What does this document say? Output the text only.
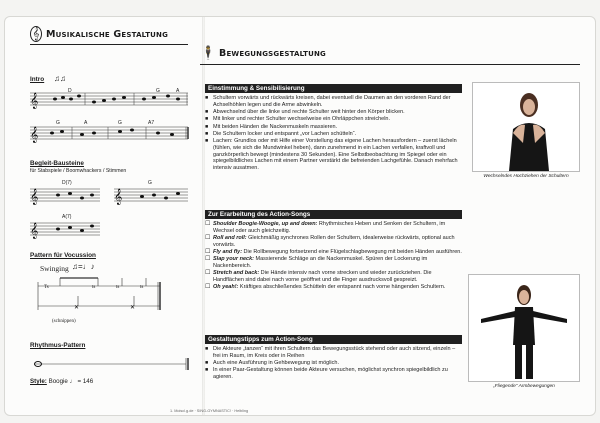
𝄞 Musikalische Gestaltung
Intro ♫♫
𝄞
D	G	A
𝄞
G	A	G	A7
Begleit-Bausteine
für Stabspiele / Boomwhackers / Stimmen
𝄞	𝄞
D(7)	G
𝄞
A(7)
Pattern für Vocussion
Swinging ♫=♩♪
✕	✕
Ts	ts	ts	ts
(schnippen)
Rhythmus-Pattern
Style: Boogie ♩ = 146
🕴 Bewegungsgestaltung
Einstimmung & Sensibilisierung
■ Schultern vorwärts und rückwärts kreisen, dabei eventuell die Daumen an den vorderen Rand der Achselhöhlen legen und die Arme abwinkeln.
■ Abwechselnd über die linke und rechte Schulter weit hinter den Körper blicken.
■ Mit linker und rechter Schulter wechselweise ein Ohrläppchen streicheln.
■ Mit beiden Händen die Nackenmuskeln massieren.
■ Die Schultern locker und entspannt „vor Lachen schütteln“.
■ Lachen: Grundlos oder mit Hilfe einer Vorstellung das eigene Lachen herausfordern – zuerst lächeln (fühlen, wie sich die Mundwinkel heben), dann zunehmend in ein Lachen verfallen, kraftvoll und ganzkörperlich bewegt (mindestens 30 Sekunden). Eine Selbstbeobachtung im Spiegel oder ein spiegelbildliches Lachen mit einem Partner verstärkt die befreienden Lachgefühle. Danach mehrfach intensiv ausatmen.
Zur Erarbeitung des Action-Songs
☐ Shoulder Boogie-Woogie, up and down: Rhythmisches Heben und Senken der Schultern, im Wechsel oder auch gleichzeitig.
☐ Roll and roll: Gleichmäßig synchrones Rollen der Schultern, idealerweise rückwärts, optional auch vorwärts.
☐ Fly and fly: Die Rollbewegung fortsetzend eine Flügelschlagbewegung mit beiden Händen ausführen.
☐ Slap your neck: Massierende Schläge an die Nackenmuskel. Spüren der Lockerung im Nackenbereich.
☐ Stretch and back: Die Hände intensiv nach vorne strecken und wieder zurückziehen. Die Handflächen sind dabei nach vorne geöffnet und die Finger ausdrucksvoll gespreizt.
☐ Oh yeah!: Kräftiges abschließendes Schütteln der entspannt nach vorne hängenden Schultern.
Gestaltungstipps zum Action-Song
■ Die Akteure „tanzen“ mit ihren Schultern das Bewegungsstück stehend oder auch sitzend, einzeln – frei im Raum, im Kreis oder in Reihen
■ Auch eine Ausführung in Gehbewegung ist möglich.
■ In einer Paar-Gestaltung können beide Akteure versuchen, möglichst synchron spiegelbildlich zu agieren.
Wechselndes Hochziehen der Schultern
„Fliegende“ Armbewegungen
1. Moiscl.g.de · SING-GYMNASTIC! · Helbling
